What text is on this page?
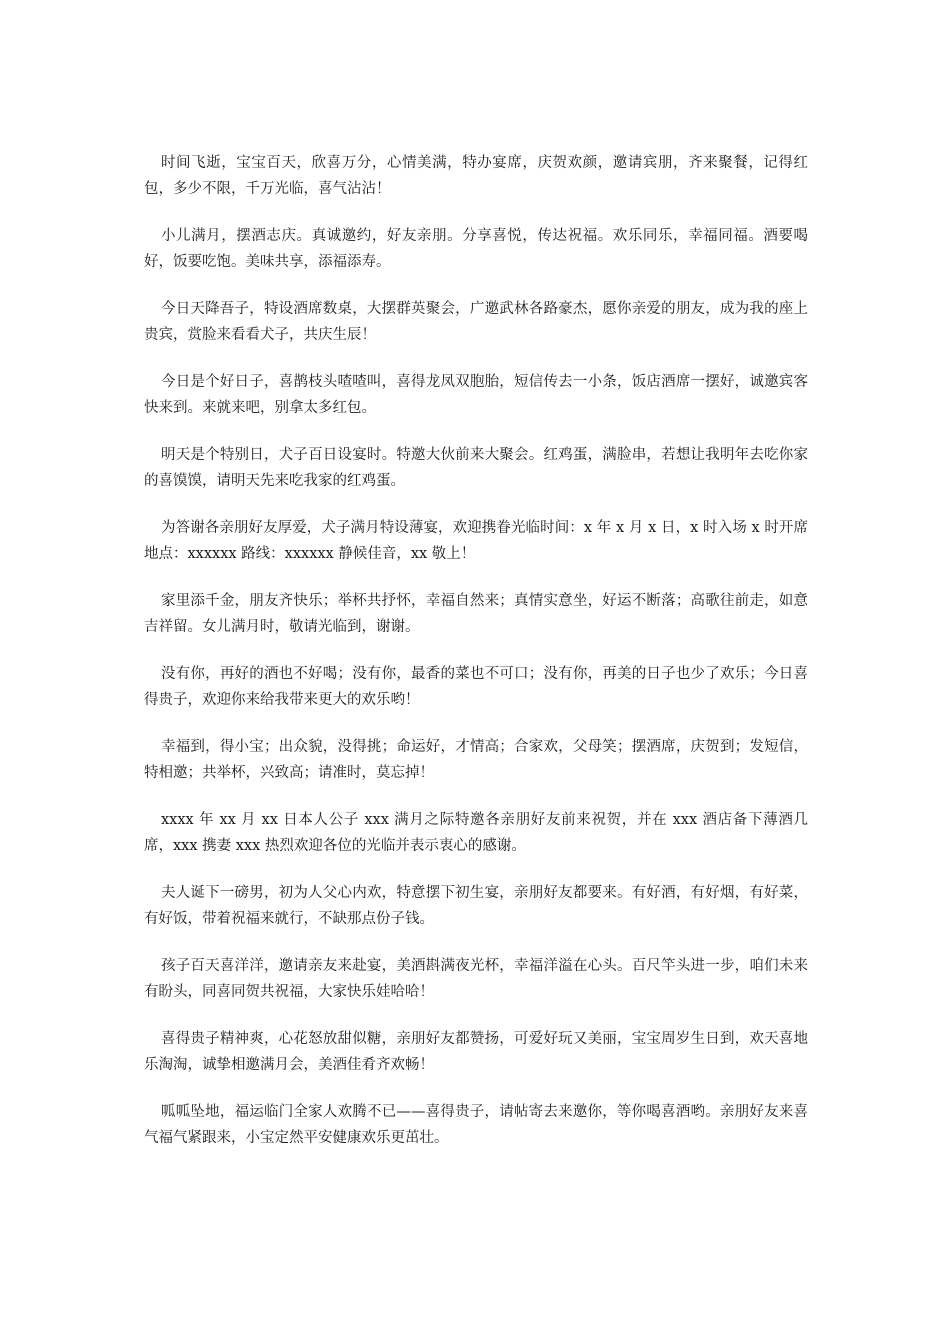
时间飞逝，宝宝百天，欣喜万分，心情美满，特办宴席，庆贺欢颜，邀请宾朋，齐来聚餐，记得红包，多少不限，千万光临，喜气沾沾！

小儿满月，摆酒志庆。真诚邀约，好友亲朋。分享喜悦，传达祝福。欢乐同乐，幸福同福。酒要喝好，饭要吃饱。美味共享，添福添寿。

今日天降吾子，特设酒席数桌，大摆群英聚会，广邀武林各路豪杰，愿你亲爱的朋友，成为我的座上贵宾，赏脸来看看犬子，共庆生辰！

今日是个好日子，喜鹊枝头喳喳叫，喜得龙凤双胞胎，短信传去一小条，饭店酒席一摆好，诚邀宾客快来到。来就来吧，别拿太多红包。

明天是个特别日，犬子百日设宴时。特邀大伙前来大聚会。红鸡蛋，满脸串，若想让我明年去吃你家的喜馍馍，请明天先来吃我家的红鸡蛋。

为答谢各亲朋好友厚爱，犬子满月特设薄宴，欢迎携眷光临时间：x 年 x 月 x 日，x 时入场 x 时开席地点：xxxxxx 路线：xxxxxx 静候佳音，xx 敬上！

家里添千金，朋友齐快乐；举杯共抒怀，幸福自然来；真情实意坐，好运不断落；高歌往前走，如意吉祥留。女儿满月时，敬请光临到，谢谢。

没有你，再好的酒也不好喝；没有你，最香的菜也不可口；没有你，再美的日子也少了欢乐；今日喜得贵子，欢迎你来给我带来更大的欢乐哟！

幸福到，得小宝；出众貌，没得挑；命运好，才情高；合家欢，父母笑；摆酒席，庆贺到；发短信，特相邀；共举杯，兴致高；请准时，莫忘掉！

xxxx 年 xx 月 xx 日本人公子 xxx 满月之际特邀各亲朋好友前来祝贺，并在 xxx 酒店备下薄酒几席，xxx 携妻 xxx 热烈欢迎各位的光临并表示衷心的感谢。

夫人诞下一磅男，初为人父心内欢，特意摆下初生宴，亲朋好友都要来。有好酒，有好烟，有好菜，有好饭，带着祝福来就行，不缺那点份子钱。

孩子百天喜洋洋，邀请亲友来赴宴，美酒斟满夜光杯，幸福洋溢在心头。百尺竿头进一步，咱们未来有盼头，同喜同贺共祝福，大家快乐娃哈哈！

喜得贵子精神爽，心花怒放甜似糖，亲朋好友都赞扬，可爱好玩又美丽，宝宝周岁生日到，欢天喜地乐淘淘，诚挚相邀满月会，美酒佳肴齐欢畅！

呱呱坠地，福运临门全家人欢腾不已——喜得贵子，请帖寄去来邀你，等你喝喜酒哟。亲朋好友来喜气福气紧跟来，小宝定然平安健康欢乐更茁壮。
